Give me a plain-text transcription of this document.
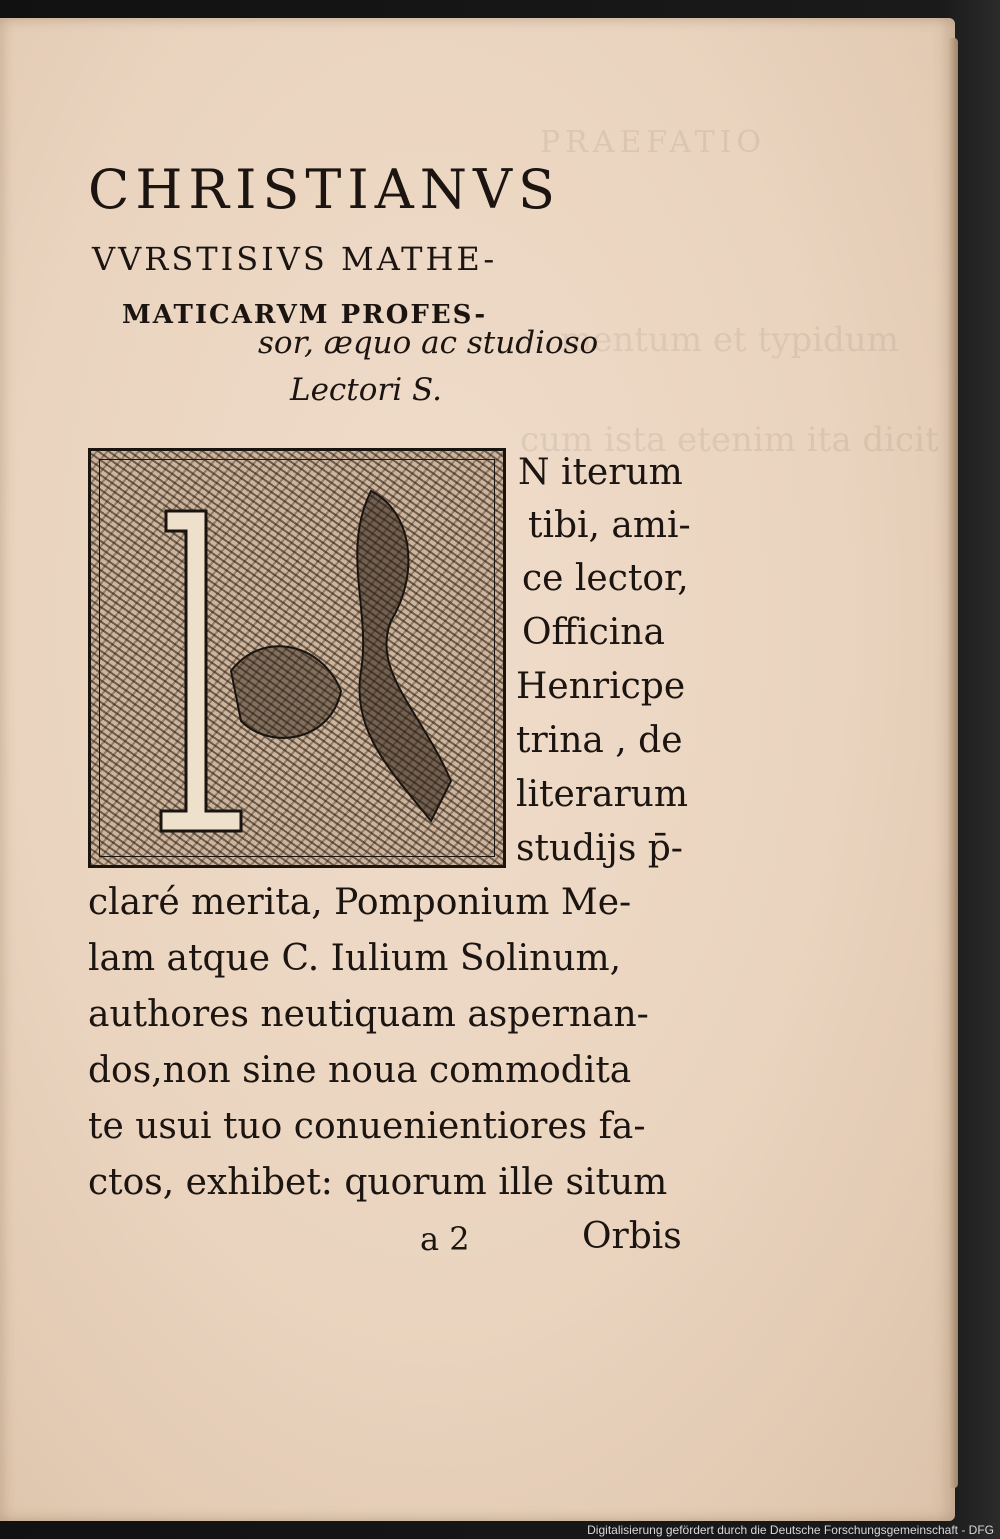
PRAEFATIO
mentum et typidum
cum ista etenim ita dicit
CHRISTIANVS
VVRSTISIVS MATHE-
MATICARVM PROFES-
sor, æquo ac studioso
Lectori S.
N iterum
tibi, ami-
ce lector,
Officina
Henricpe
trina , de
literarum
studijs p̄-
claré merita, Pomponium Me-
lam atque C. Iulium Solinum,
authores neutiquam aspernan-
dos,non sine noua commodita
te usui tuo conuenientiores fa-
ctos, exhibet: quorum ille situm
a 2	Orbis
Digitalisierung gefördert durch die Deutsche Forschungsgemeinschaft - DFG
